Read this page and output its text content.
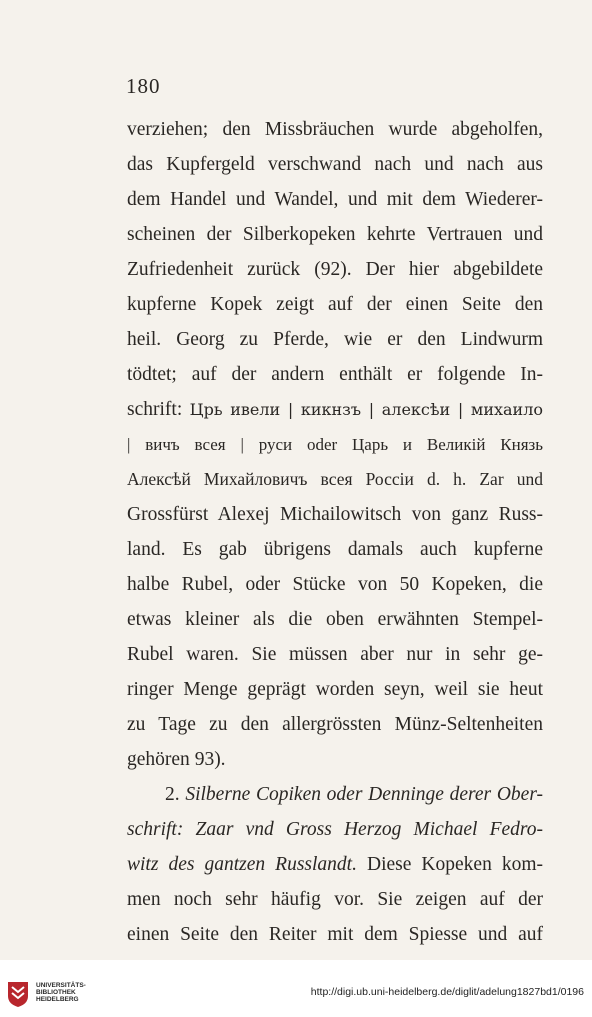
180
verziehen; den Missbräuchen wurde abgeholfen,
das Kupfergeld verschwand nach und nach aus
dem Handel und Wandel, und mit dem Wiederer-
scheinen der Silberkopeken kehrte Vertrauen und
Zufriedenheit zurück (92). Der hier abgebildete
kupferne Kopek zeigt auf der einen Seite den
heil. Georg zu Pferde, wie er den Lindwurm
tödtet; auf der andern enthält er folgende In-
schrift: Црь ивели | кикнзъ | алексѣи | михаило
| вичъ всея | руси oder Царь и Великій Князь
Алексѣй Михайловичъ всея Россіи d. h. Zar und
Grossfürst Alexej Michailowitsch von ganz Russ-
land. Es gab übrigens damals auch kupferne
halbe Rubel, oder Stücke von 50 Kopeken, die
etwas kleiner als die oben erwähnten Stempel-
Rubel waren. Sie müssen aber nur in sehr ge-
ringer Menge geprägt worden seyn, weil sie heut
zu Tage zu den allergrössten Münz-Seltenheiten
gehören 93).
2. Silberne Copiken oder Denninge derer Ober-
schrift: Zaar vnd Gross Herzog Michael Fedro-
witz des gantzen Russlandt. Diese Kopeken kom-
men noch sehr häufig vor. Sie zeigen auf der
einen Seite den Reiter mit dem Spiesse und auf
UNIVERSITÄTS-
BIBLIOTHEK
HEIDELBERG
http://digi.ub.uni-heidelberg.de/diglit/adelung1827bd1/0196
